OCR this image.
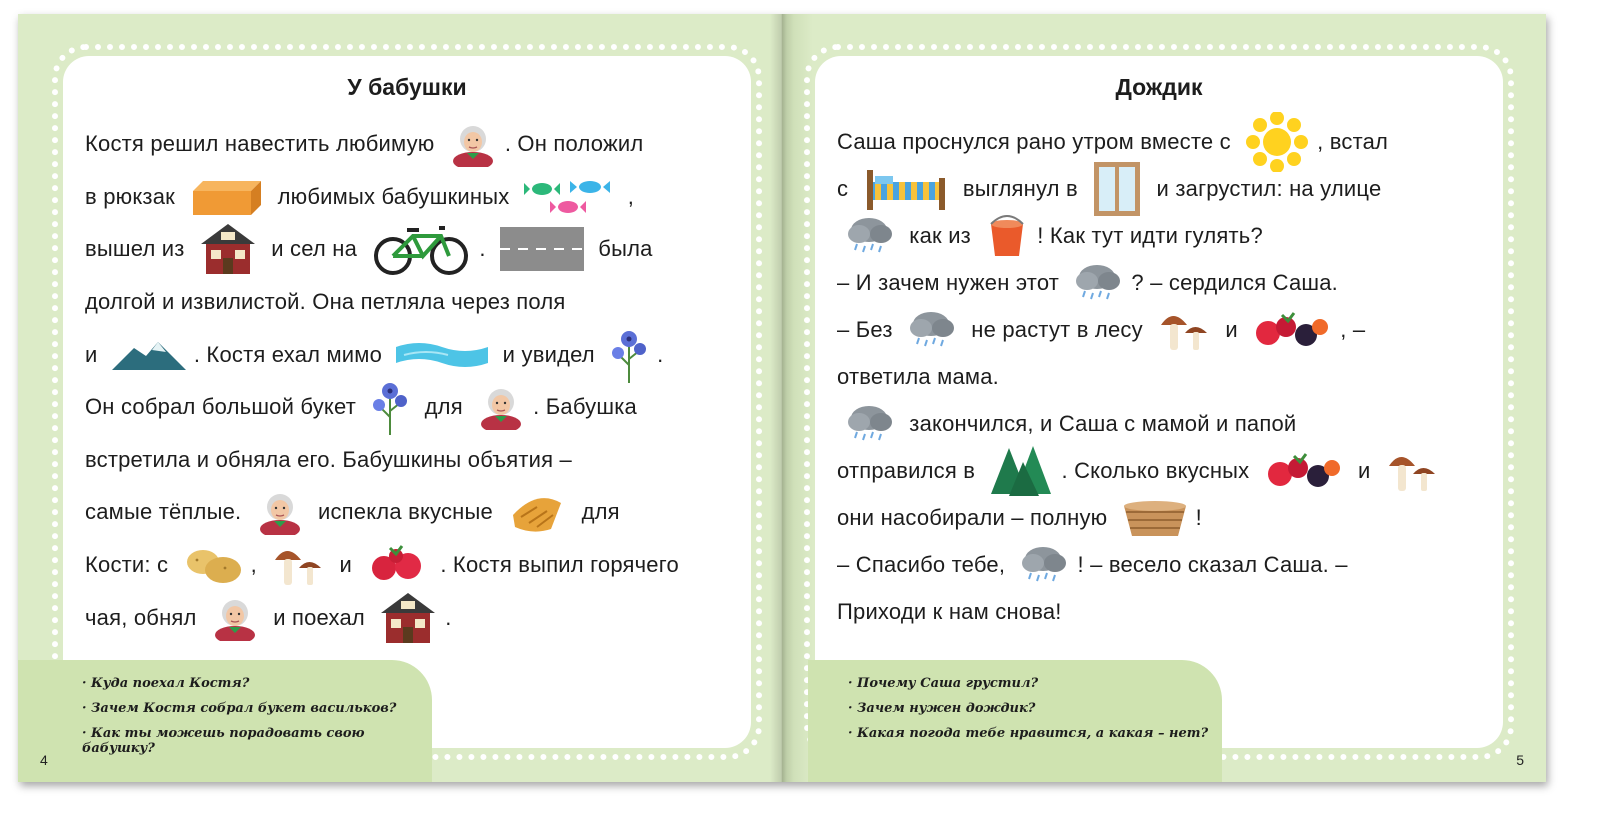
У бабушки
Костя решил навестить любимую	. Он положил
в рюкзак	любимых бабушкиных	,
вышел из	и сел на	.	была
долгой и извилистой. Она петляла через поля
и	. Костя ехал мимо	и увидел	.
Он собрал большой букет	для	. Бабушка
встретила и обняла его. Бабушкины объятия –
самые тёплые.	испекла вкусные	для
Кости: с	,	и	. Костя выпил горячего
чая, обнял	и поехал	.
· Куда поехал Костя?
· Зачем Костя собрал букет васильков?
· Как ты можешь порадовать свою бабушку?
4
Дождик
Саша проснулся рано утром вместе с	, встал
с	выглянул в	и загрустил: на улице
как из	! Как тут идти гулять?
– И зачем нужен этот	? – сердился Саша.
– Без	не растут в лесу	и	, –
ответила мама.
закончился, и Саша с мамой и папой
отправился в	. Сколько вкусных	и
они насобирали – полную	!
– Спасибо тебе,	! – весело сказал Саша. –
Приходи к нам снова!
· Почему Саша грустил?
· Зачем нужен дождик?
· Какая погода тебе нравится, а какая – нет?
5
